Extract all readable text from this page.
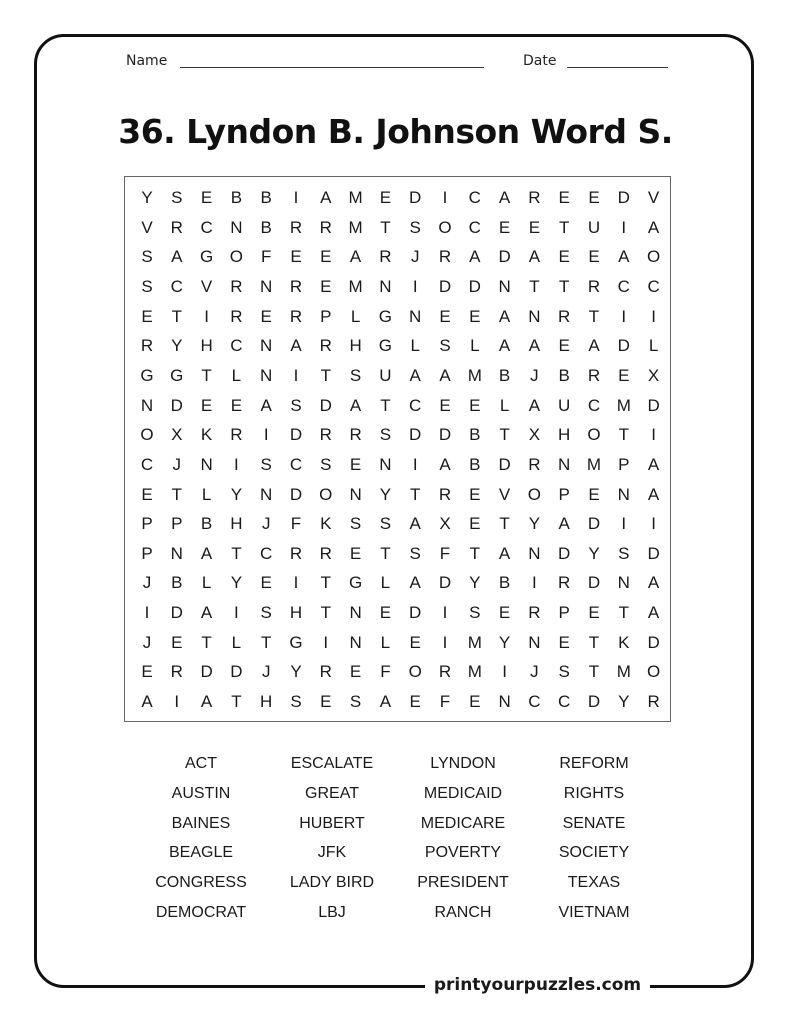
printyourpuzzles.com
Name	Date
36. Lyndon B. Johnson Word S.
Y	S	E	B	B	I	A	M	E	D	I	C	A	R	E	E	D	V
V	R	C	N	B	R	R M	T	S	O	C	E	E	T	U	I	A
S	A	G O	F	E	E	A	R	J	R	A	D	A	E	E	A	O
S	C	V	R	N	R	E	M N	I	D	D	N	T	T	R	C	C
E	T	I	R	E	R	P	L	G	N	E	E	A	N	R	T	I	I
R	Y	H	C	N	A	R	H	G	L	S	L	A	A	E	A	D	L
G G	T	L	N	I	T	S	U	A	A	M	B	J	B	R	E	X
N	D	E	E	A	S	D	A	T	C	E	E	L	A	U	C M D
O	X	K	R	I	D	R	R	S	D	D	B	T	X	H	O	T	I
C	J	N	I	S	C	S	E	N	I	A	B	D	R	N M	P	A
E	T	L	Y	N	D	O	N	Y	T	R	E	V	O	P	E	N	A
P	P	B	H	J	F	K	S	S	A	X	E	T	Y	A	D	I	I
P	N	A	T	C	R	R	E	T	S	F	T	A	N	D	Y	S	D
J	B	L	Y	E	I	T	G	L	A	D	Y	B	I	R	D	N	A
I	D	A	I	S	H	T	N	E	D	I	S	E	R	P	E	T	A
J	E	T	L	T	G	I	N	L	E	I	M	Y	N	E	T	K	D
E	R	D	D	J	Y	R	E	F	O	R M	I	J	S	T	M O
A	I	A	T	H	S	E	S	A	E	F	E	N	C	C	D	Y	R
ACT
AUSTIN
BAINES
BEAGLE
CONGRESS
DEMOCRAT
ESCALATE
GREAT
HUBERT
JFK
LADY BIRD
LBJ
LYNDON
MEDICAID
MEDICARE
POVERTY
PRESIDENT
RANCH
REFORM
RIGHTS
SENATE
SOCIETY
TEXAS
VIETNAM
